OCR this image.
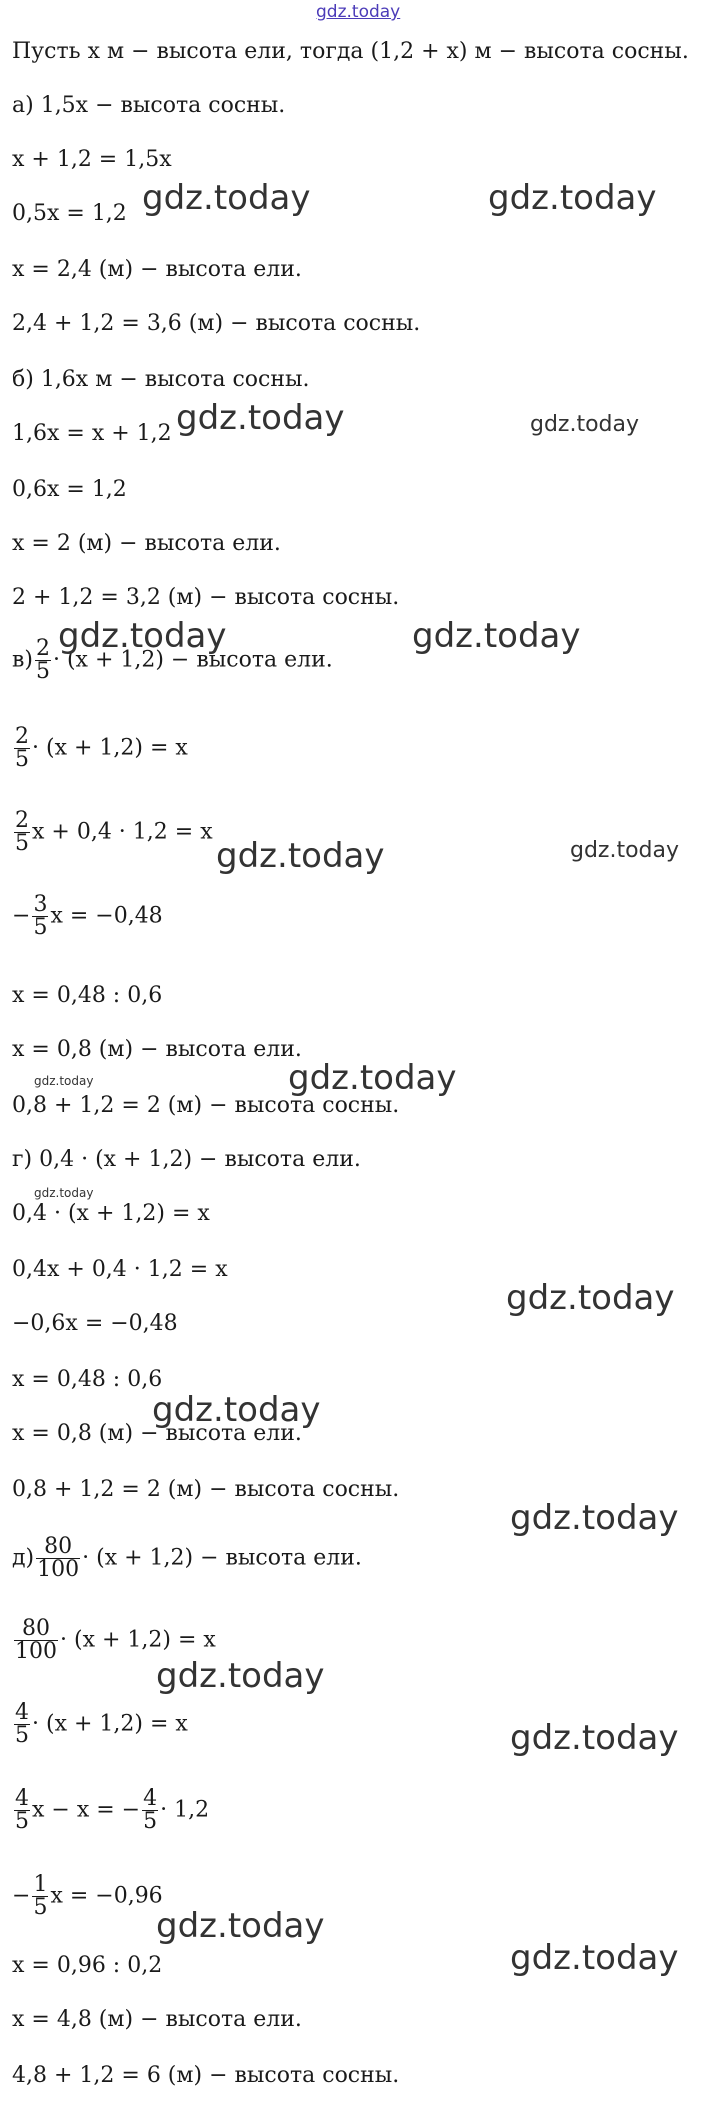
gdz.today
Пусть x м − высота ели, тогда (1,2 + x) м − высота сосны.
а) 1,5x − высота сосны.
x + 1,2 = 1,5x
0,5x = 1,2
x = 2,4 (м) − высота ели.
2,4 + 1,2 = 3,6 (м) − высота сосны.
б) 1,6x м − высота сосны.
1,6x = x + 1,2
0,6x = 1,2
x = 2 (м) − высота ели.
2 + 1,2 = 3,2 (м) − высота сосны.
$в) \frac{2}{5} \cdot (x + 1,2)$ − высота ели.
$\frac{2}{5} \cdot (x + 1,2) = x$
$\frac{2}{5}$ x + 0,4 · 1,2 = x
− $\frac{3}{5}$ x = −0,48
x = 0,48 : 0,6
x = 0,8 (м) − высота ели.
0,8 + 1,2 = 2 (м) − высота сосны.
г) 0,4 · (x + 1,2) − высота ели.
0,4 · (x + 1,2) = x
0,4x + 0,4 · 1,2 = x
−0,6x = −0,48
x = 0,48 : 0,6
x = 0,8 (м) − высота ели.
0,8 + 1,2 = 2 (м) − высота сосны.
$д) \frac{80}{100} \cdot (x + 1,2)$ − высота ели.
$\frac{80}{100} \cdot (x + 1,2) = x$
$\frac{4}{5} \cdot (x + 1,2) = x$
$\frac{4}{5}$ x − x = − $\frac{4}{5} \cdot 1,2$
− $\frac{1}{5}$ x = −0,96
x = 0,96 : 0,2
x = 4,8 (м) − высота ели.
4,8 + 1,2 = 6 (м) − высота сосны.
gdz.today	gdz.today
gdz.today	gdz.today
gdz.today	gdz.today
gdz.today	gdz.today
gdz.today
gdz.today
gdz.today
gdz.today
gdz.today
gdz.today
gdz.today
gdz.today
gdz.today
gdz.today
